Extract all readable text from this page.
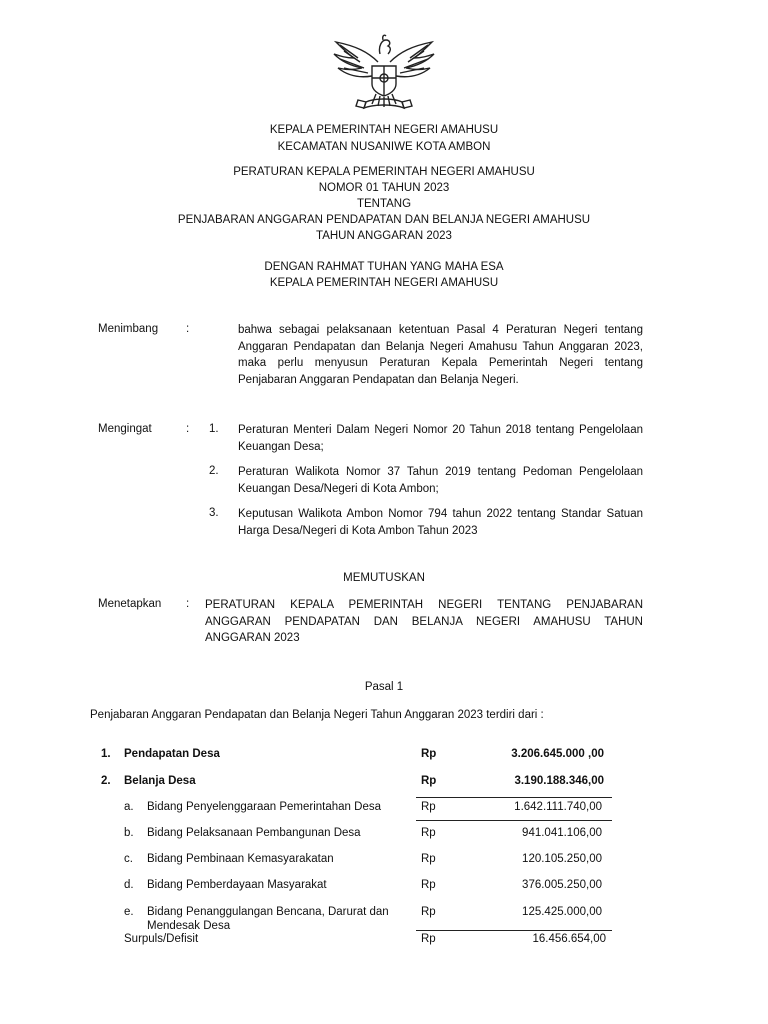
KEPALA PEMERINTAH NEGERI AMAHUSU
KECAMATAN NUSANIWE KOTA AMBON
PERATURAN KEPALA PEMERINTAH NEGERI AMAHUSU
NOMOR 01 TAHUN 2023
TENTANG
PENJABARAN ANGGARAN PENDAPATAN DAN BELANJA NEGERI AMAHUSU
TAHUN ANGGARAN 2023
DENGAN RAHMAT TUHAN YANG MAHA ESA
KEPALA PEMERINTAH NEGERI AMAHUSU
Menimbang :	bahwa sebagai pelaksanaan ketentuan Pasal 4 Peraturan Negeri tentang Anggaran Pendapatan dan Belanja Negeri Amahusu Tahun Anggaran 2023, maka perlu menyusun Peraturan Kepala Pemerintah Negeri tentang Penjabaran Anggaran Pendapatan dan Belanja Negeri.
Mengingat	: 1. Peraturan Menteri Dalam Negeri Nomor 20 Tahun 2018 tentang Pengelolaan Keuangan Desa;
2. Peraturan Walikota Nomor 37 Tahun 2019 tentang Pedoman Pengelolaan Keuangan Desa/Negeri di Kota Ambon;
3. Keputusan Walikota Ambon Nomor 794 tahun 2022 tentang Standar Satuan Harga Desa/Negeri di Kota Ambon Tahun 2023
MEMUTUSKAN
Menetapkan : PERATURAN KEPALA PEMERINTAH NEGERI TENTANG PENJABARAN ANGGARAN PENDAPATAN DAN BELANJA NEGERI AMAHUSU TAHUN ANGGARAN 2023
Pasal 1
Penjabaran Anggaran Pendapatan dan Belanja Negeri Tahun Anggaran 2023 terdiri dari :
1. Pendapatan Desa	Rp	3.206.645.000 ,00
2. Belanja Desa	Rp	3.190.188.346,00
a. Bidang Penyelenggaraan Pemerintahan Desa	Rp	1.642.111.740,00
b. Bidang Pelaksanaan Pembangunan Desa	Rp	941.041.106,00
c. Bidang Pembinaan Kemasyarakatan	Rp	120.105.250,00
d. Bidang Pemberdayaan Masyarakat	Rp	376.005.250,00
e. Bidang Penanggulangan Bencana, Darurat dan
Mendesak Desa
Rp	125.425.000,00
Surpuls/Defisit	Rp	16.456.654,00
